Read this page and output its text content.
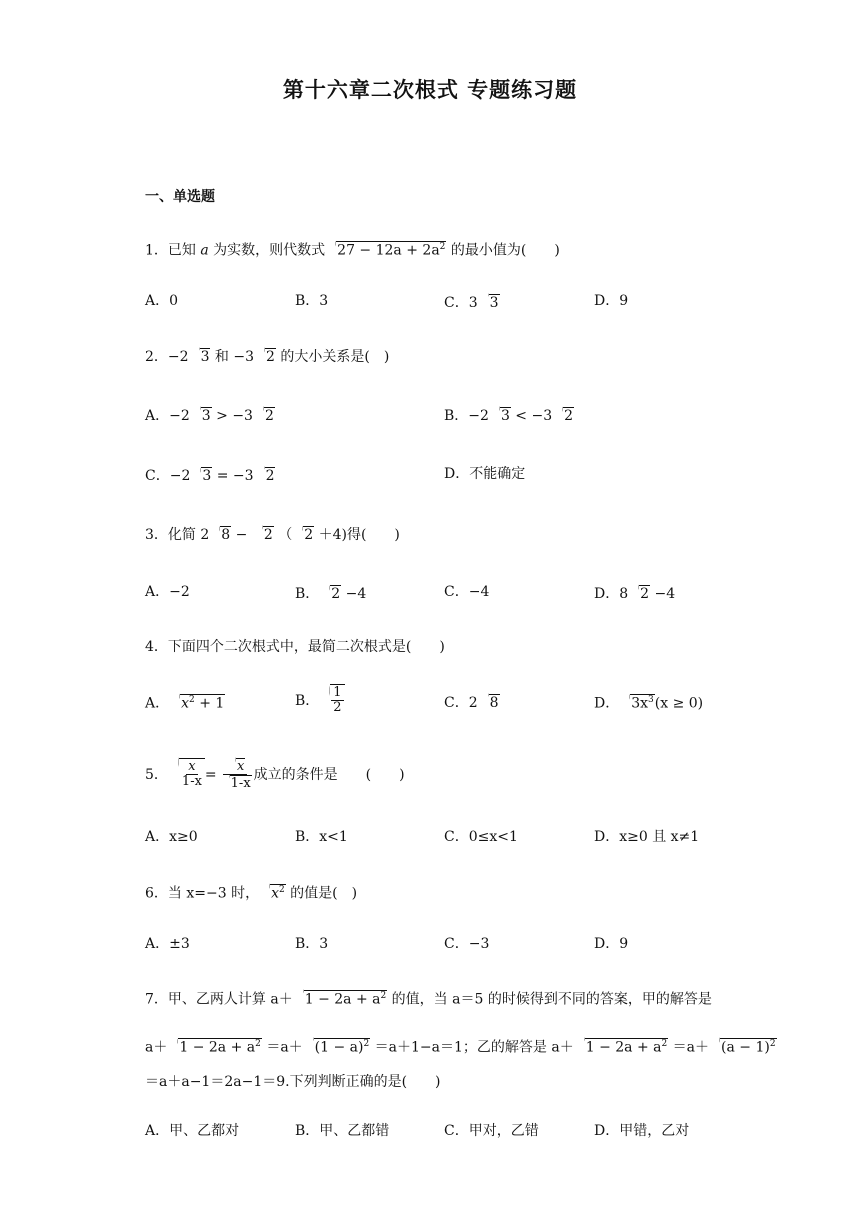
第十六章二次根式 专题练习题
一、单选题
1．已知 a 为实数，则代数式 $27 - 12a + 2a^2$ 的最小值为(　　)
A．0	B．3	C．3 3	D．9
2．−2 3 和 −3 2 的大小关系是(　)
A．−2 3 > −3 2	B．−2 3 < −3 2
C．−2 3 = −3 2	D．不能确定
3．化简 2 8 − 2 （ 2 ＋4)得(　　)
A．−2	B． 2 −4	C．−4	D．8 2 −4
4．下面四个二次根式中，最简二次根式是(　　)
A． $x^2 + 1$	B． $\frac{1}{2}$	C．2 8	D． $3x^3(x \ge 0)$
5． $\frac{x}{1-x} = \frac{x}{1-x}$ 成立的条件是　　(　　)
A．x≥0	B．x<1	C．0≤x<1	D．x≥0 且 x≠1
6．当 x=−3 时， $x^2$ 的值是(　)
A．±3	B．3	C．−3	D．9
7．甲、乙两人计算 $a+ 1 - 2a + a^2$ 的值，当 a＝5 的时候得到不同的答案，甲的解答是
$a+ 1 - 2a + a^2 =a+ (1 - a)^2 =a+1-a=1$；乙的解答是 $a+ 1 - 2a + a^2 =a+ (a - 1)^2$
＝a＋a−1＝2a−1＝9.下列判断正确的是(　　)
A．甲、乙都对	B．甲、乙都错	C．甲对，乙错	D．甲错，乙对
